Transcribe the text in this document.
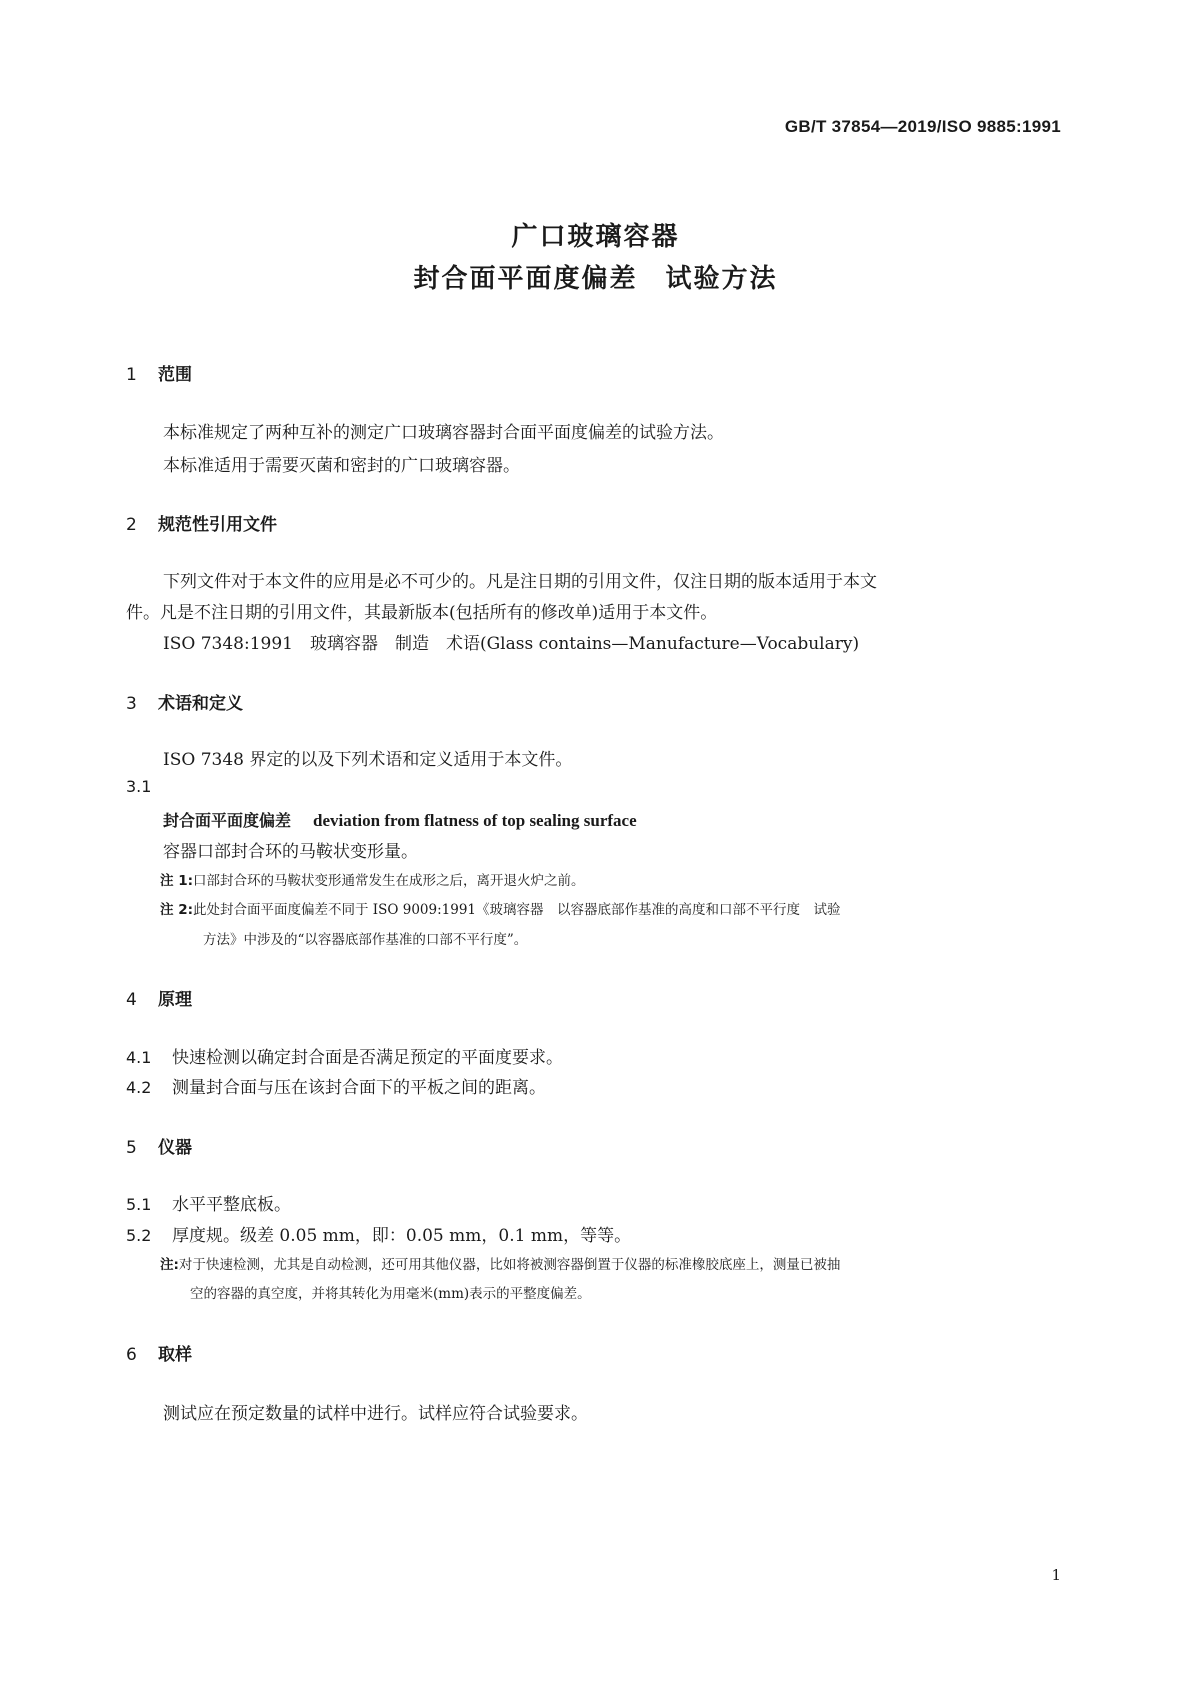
GB/T 37854—2019/ISO 9885:1991
广口玻璃容器
封合面平面度偏差　试验方法
1 范围
本标准规定了两种互补的测定广口玻璃容器封合面平面度偏差的试验方法。
本标准适用于需要灭菌和密封的广口玻璃容器。
2 规范性引用文件
下列文件对于本文件的应用是必不可少的。凡是注日期的引用文件，仅注日期的版本适用于本文
件。凡是不注日期的引用文件，其最新版本(包括所有的修改单)适用于本文件。
ISO 7348:1991　玻璃容器　制造　术语(Glass contains—Manufacture—Vocabulary)
3 术语和定义
ISO 7348 界定的以及下列术语和定义适用于本文件。
3.1
封合面平面度偏差 deviation from flatness of top sealing surface
容器口部封合环的马鞍状变形量。
注 1:口部封合环的马鞍状变形通常发生在成形之后，离开退火炉之前。
注 2:此处封合面平面度偏差不同于 ISO 9009:1991《玻璃容器　以容器底部作基准的高度和口部不平行度　试验
方法》中涉及的“以容器底部作基准的口部不平行度”。
4 原理
4.1 快速检测以确定封合面是否满足预定的平面度要求。
4.2 测量封合面与压在该封合面下的平板之间的距离。
5 仪器
5.1 水平平整底板。
5.2 厚度规。级差 0.05 mm，即：0.05 mm，0.1 mm，等等。
注:对于快速检测，尤其是自动检测，还可用其他仪器，比如将被测容器倒置于仪器的标准橡胶底座上，测量已被抽
空的容器的真空度，并将其转化为用毫米(mm)表示的平整度偏差。
6 取样
测试应在预定数量的试样中进行。试样应符合试验要求。
1
